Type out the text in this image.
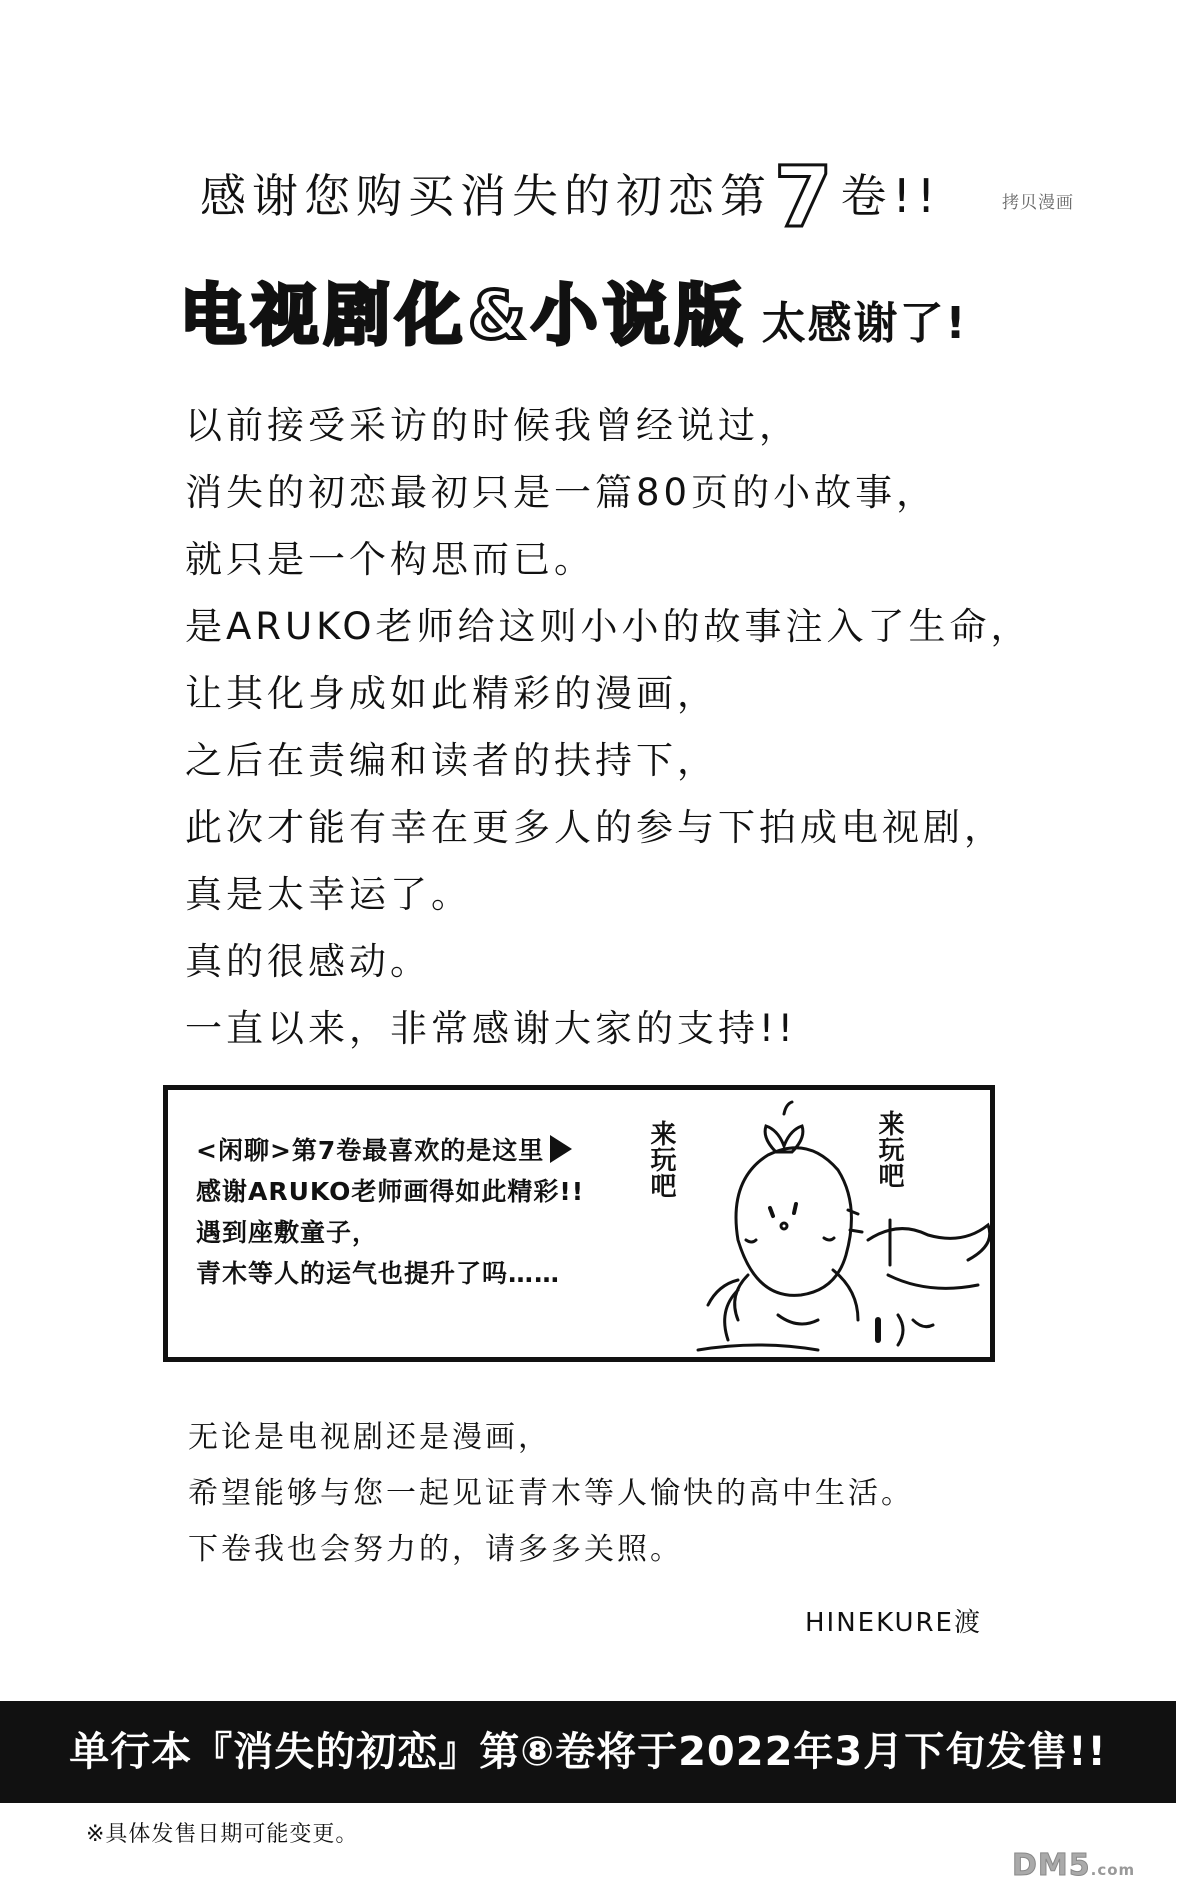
感谢您购买消失的初恋第7卷!!	拷贝漫画
电视剧化&小说版 太感谢了!
以前接受采访的时候我曾经说过，
消失的初恋最初只是一篇80页的小故事，
就只是一个构思而已。
是ARUKO老师给这则小小的故事注入了生命，
让其化身成如此精彩的漫画，
之后在责编和读者的扶持下，
此次才能有幸在更多人的参与下拍成电视剧，
真是太幸运了。
真的很感动。
一直以来，非常感谢大家的支持!!
<闲聊>第7卷最喜欢的是这里
感谢ARUKO老师画得如此精彩!!
遇到座敷童子，
青木等人的运气也提升了吗……
来玩吧	来玩吧
无论是电视剧还是漫画，
希望能够与您一起见证青木等人愉快的高中生活。
下卷我也会努力的，请多多关照。
HINEKURE渡
单行本『消失的初恋』第⑧卷将于2022年3月下旬发售!!
※具体发售日期可能变更。
DM5.com
